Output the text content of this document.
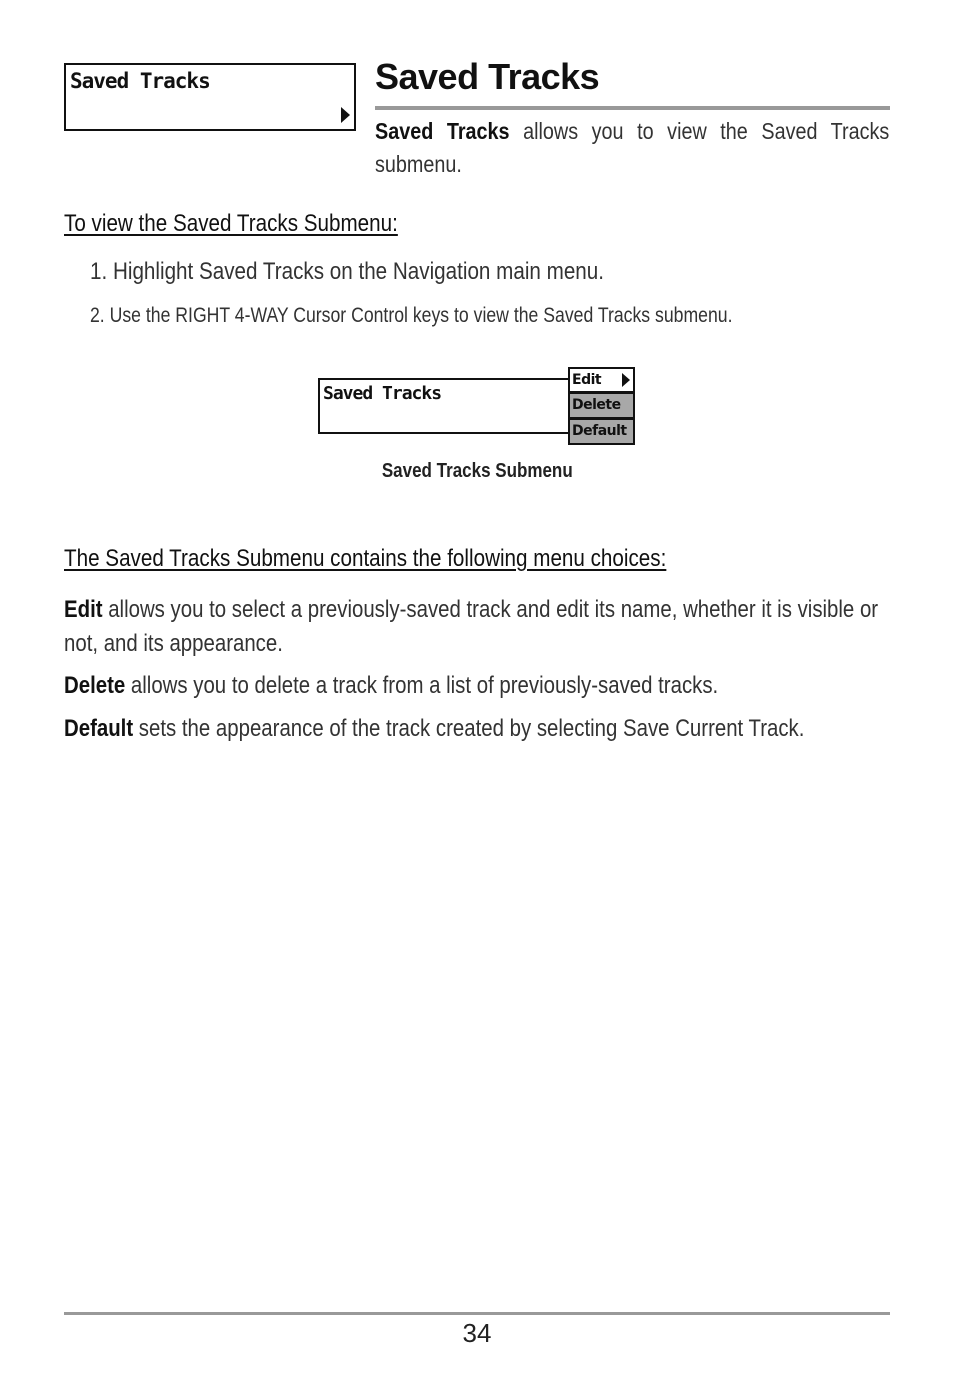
Saved Tracks	Saved Tracks
Saved Tracks allows you to view the Saved Tracks submenu.
To view the Saved Tracks Submenu:
1. Highlight Saved Tracks on the Navigation main menu.
2. Use the RIGHT 4-WAY Cursor Control keys to view the Saved Tracks submenu.
Saved Tracks
Edit
Delete
Default
Saved Tracks Submenu
The Saved Tracks Submenu contains the following menu choices:
Edit allows you to select a previously-saved track and edit its name, whether it is visible or not, and its appearance.
Delete allows you to delete a track from a list of previously-saved tracks.
Default sets the appearance of the track created by selecting Save Current Track.
34
